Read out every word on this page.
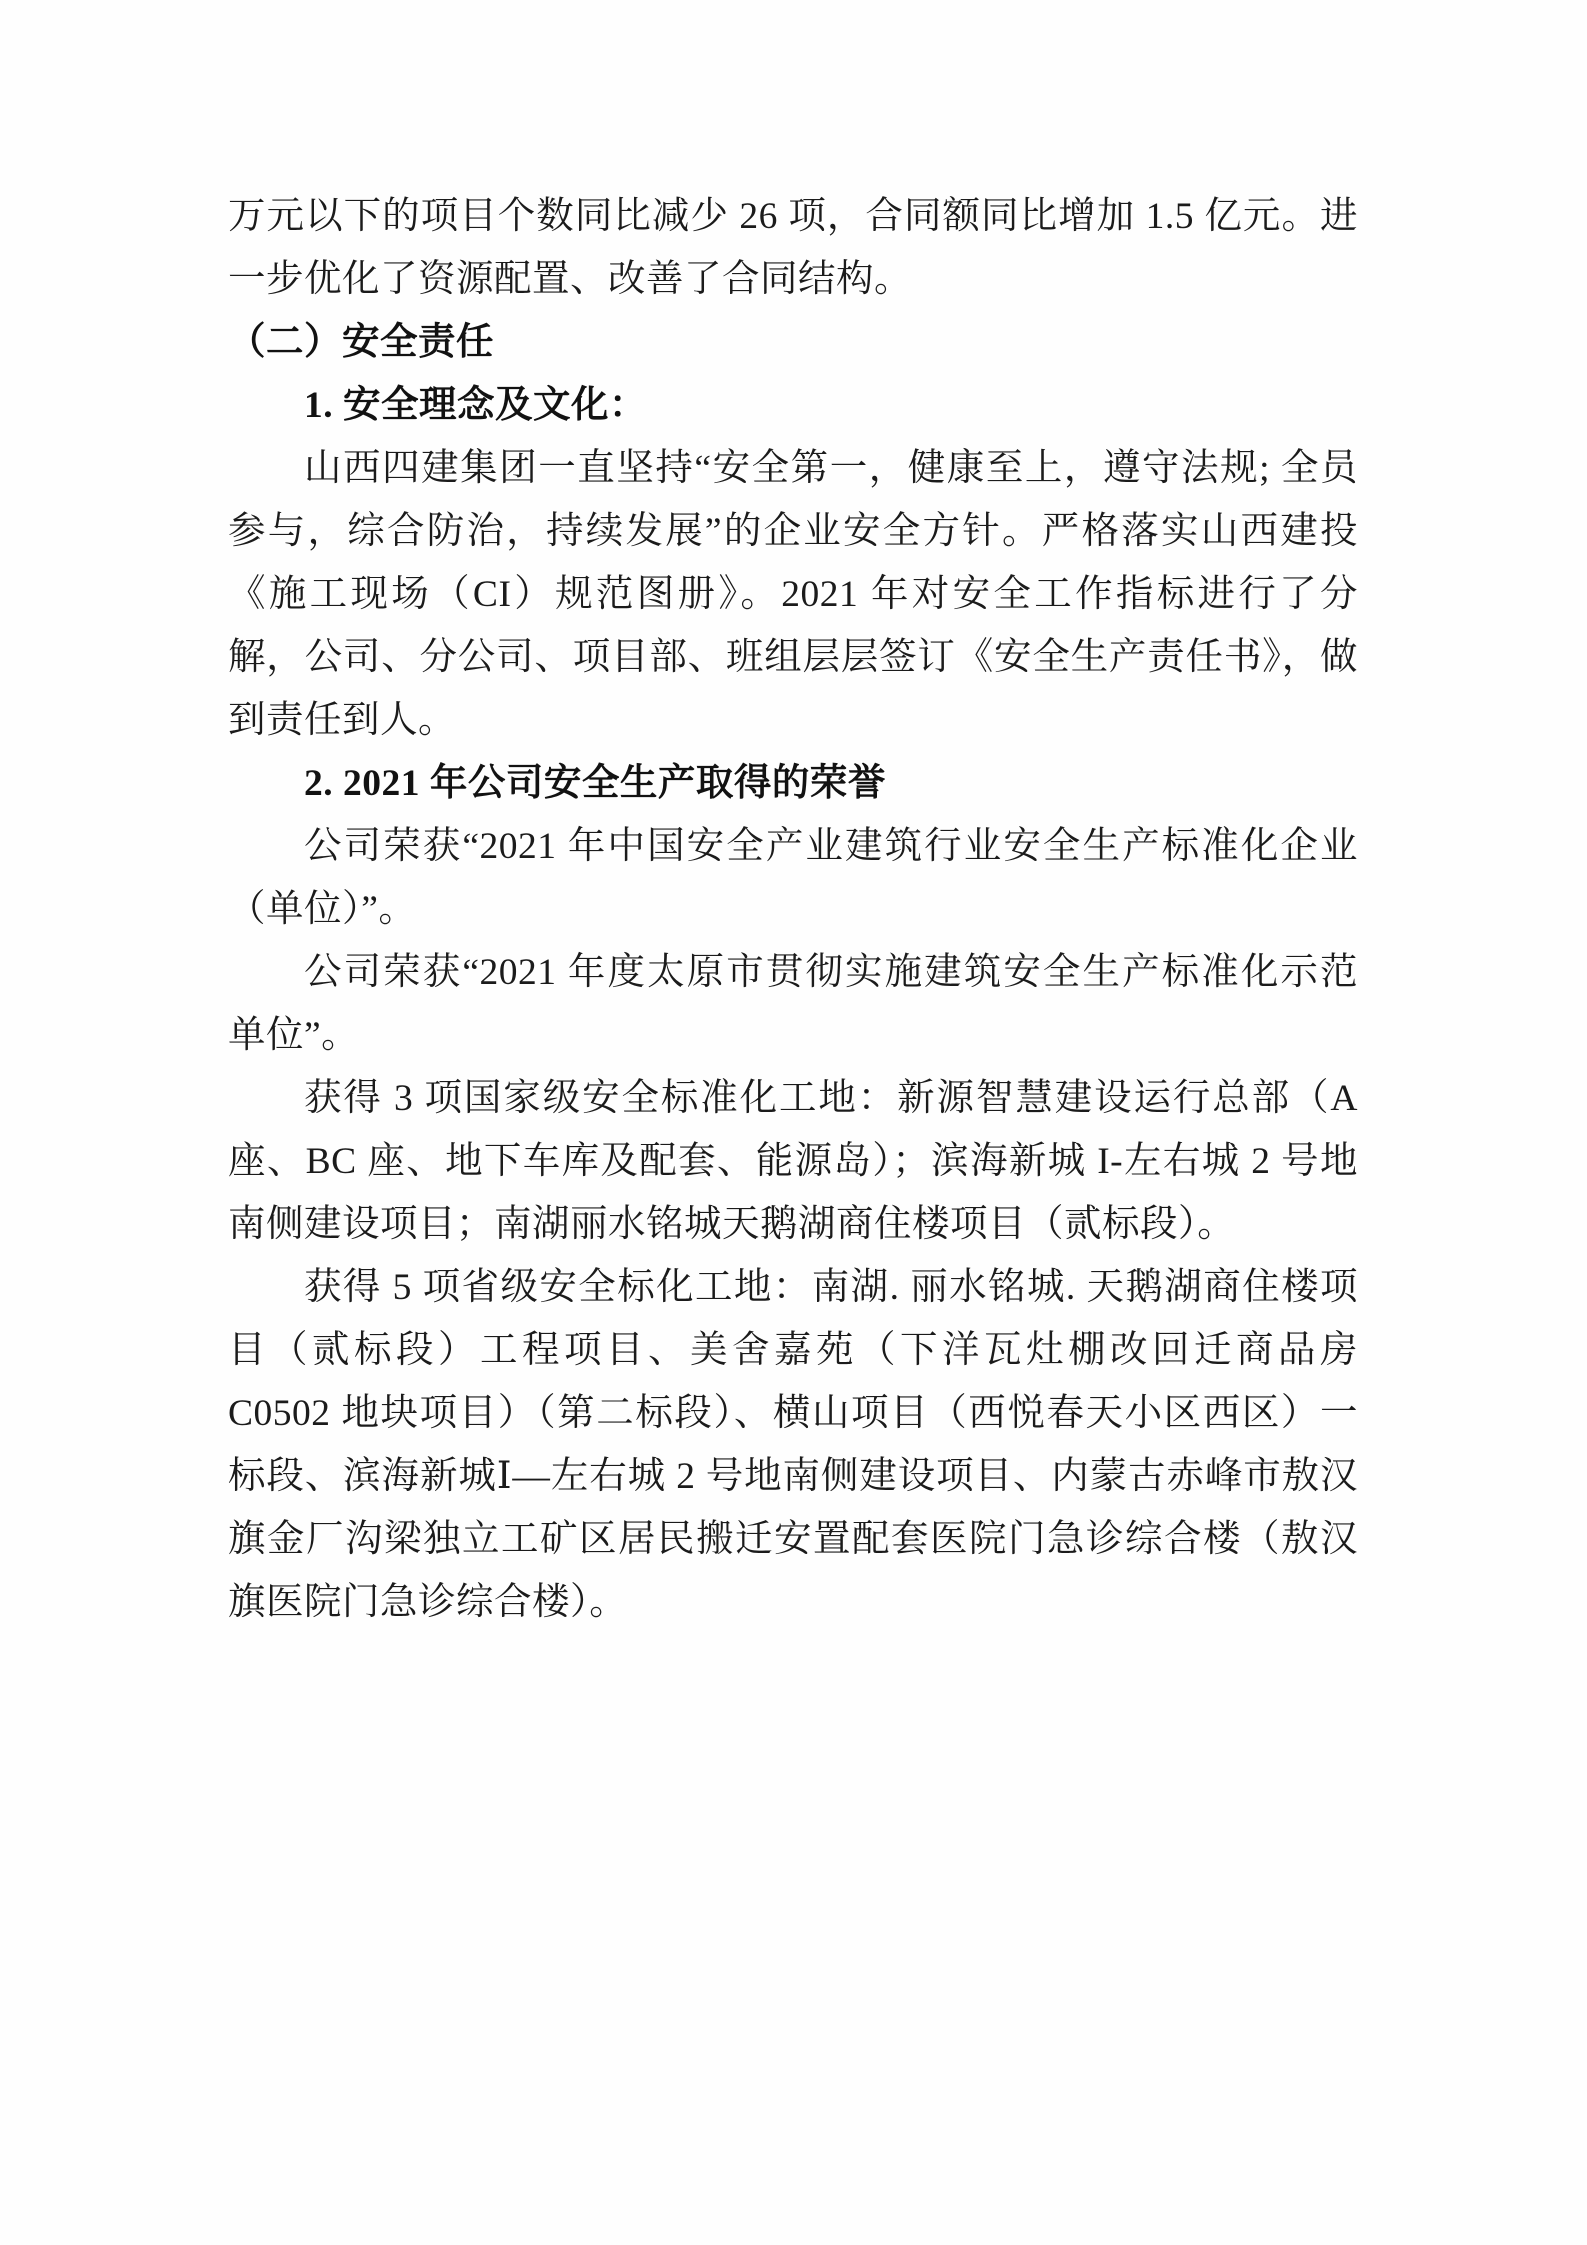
万元以下的项目个数同比减少 26 项，合同额同比增加 1.5 亿元。进一步优化了资源配置、改善了合同结构。

（二）安全责任

1. 安全理念及文化：

山西四建集团一直坚持“安全第一，健康至上，遵守法规; 全员参与，综合防治，持续发展”的企业安全方针。严格落实山西建投《施工现场（CI）规范图册》。2021 年对安全工作指标进行了分解，公司、分公司、项目部、班组层层签订《安全生产责任书》，做到责任到人。

2. 2021 年公司安全生产取得的荣誉

公司荣获“2021 年中国安全产业建筑行业安全生产标准化企业（单位）”。

公司荣获“2021 年度太原市贯彻实施建筑安全生产标准化示范单位”。

获得 3 项国家级安全标准化工地：新源智慧建设运行总部（A 座、BC 座、地下车库及配套、能源岛）；滨海新城 I-左右城 2 号地南侧建设项目；南湖丽水铭城天鹅湖商住楼项目（贰标段）。

获得 5 项省级安全标化工地：南湖. 丽水铭城. 天鹅湖商住楼项目（贰标段）工程项目、美舍嘉苑（下洋瓦灶棚改回迁商品房 C0502 地块项目）（第二标段）、横山项目（西悦春天小区西区）一标段、滨海新城Ⅰ—左右城 2 号地南侧建设项目、内蒙古赤峰市敖汉旗金厂沟梁独立工矿区居民搬迁安置配套医院门急诊综合楼（敖汉旗医院门急诊综合楼）。
